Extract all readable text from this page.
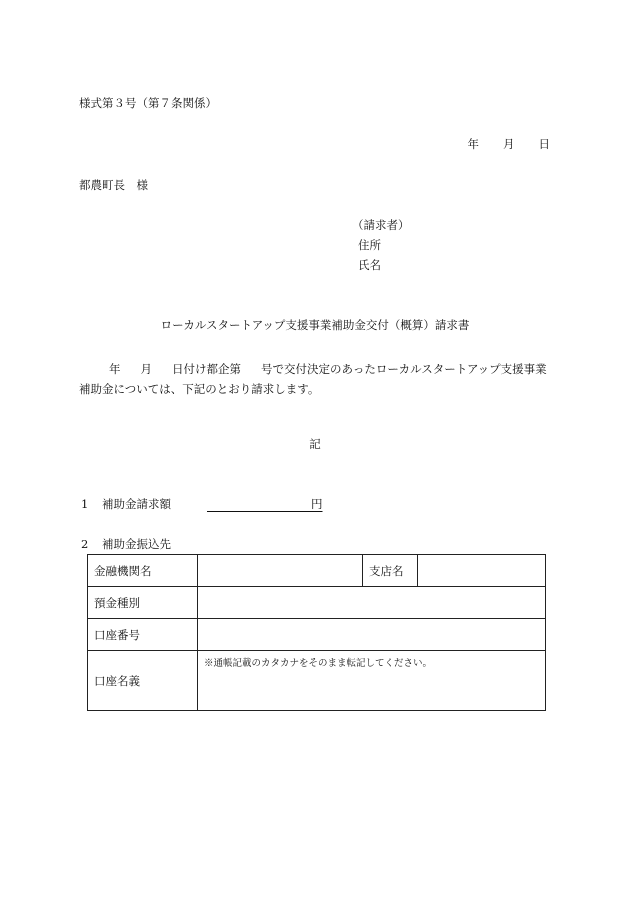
様式第３号（第７条関係）
年 月 日
都農町長　様
（請求者）
住所
氏名
ローカルスタートアップ支援事業補助金交付（概算）請求書
年 月 日付け都企第 号で交付決定のあったローカルスタートアップ支援事業補助金については、下記のとおり請求します。
記
1 補助金請求額	円
2 補助金振込先
金融機関名		支店名	
預金種別			
口座番号			
口座名義	※通帳記載のカタカナをそのまま転記してください。		
